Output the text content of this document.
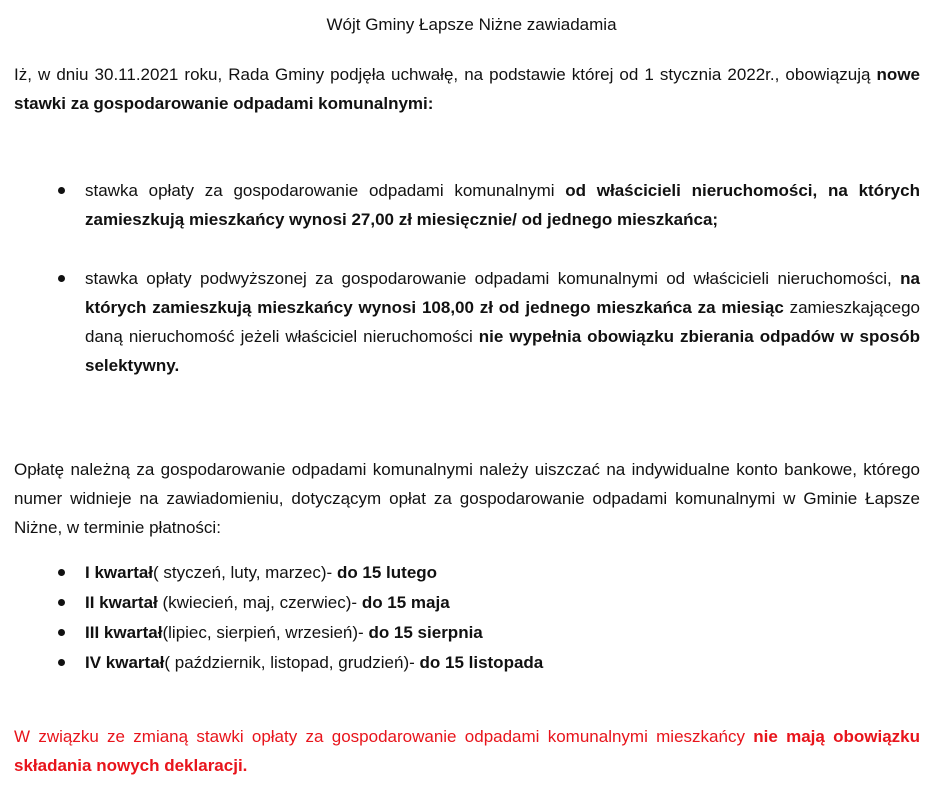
Wójt Gminy Łapsze Niżne zawiadamia

Iż, w dniu 30.11.2021 roku, Rada Gminy podjęła uchwałę, na podstawie której od 1 stycznia 2022r., obowiązują nowe stawki za gospodarowanie odpadami komunalnymi:

stawka opłaty za gospodarowanie odpadami komunalnymi od właścicieli nieruchomości, na których zamieszkują mieszkańcy wynosi 27,00 zł miesięcznie/ od jednego mieszkańca;

stawka opłaty podwyższonej za gospodarowanie odpadami komunalnymi od właścicieli nieruchomości, na których zamieszkują mieszkańcy wynosi 108,00 zł od jednego mieszkańca za miesiąc zamieszkającego daną nieruchomość jeżeli właściciel nieruchomości nie wypełnia obowiązku zbierania odpadów w sposób selektywny.

Opłatę należną za gospodarowanie odpadami komunalnymi należy uiszczać na indywidualne konto bankowe, którego numer widnieje na zawiadomieniu, dotyczącym opłat za gospodarowanie odpadami komunalnymi w Gminie Łapsze Niżne, w terminie płatności:

I kwartał( styczeń, luty, marzec)- do 15 lutego
II kwartał (kwiecień, maj, czerwiec)- do 15 maja
III kwartał(lipiec, sierpień, wrzesień)- do 15 sierpnia
IV kwartał( październik, listopad, grudzień)- do 15 listopada

W związku ze zmianą stawki opłaty za gospodarowanie odpadami komunalnymi mieszkańcy nie mają obowiązku składania nowych deklaracji.
